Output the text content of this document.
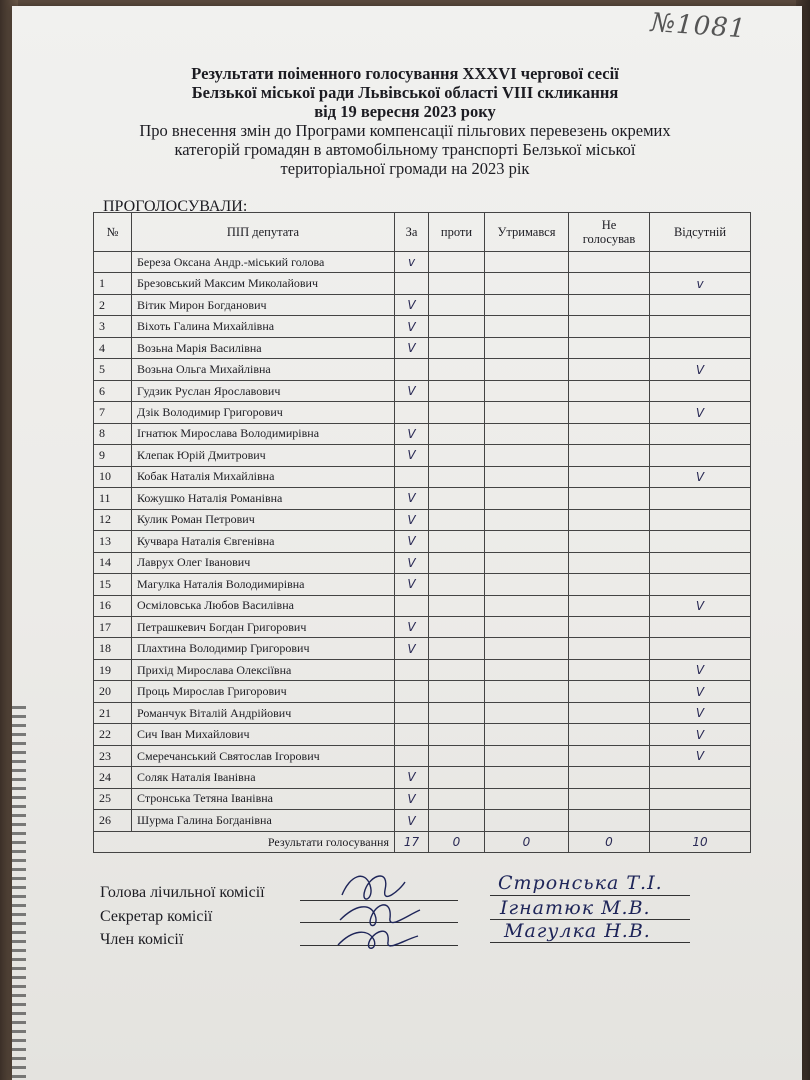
№1081
Результати поіменного голосування XXXVI чергової сесії
Белзької міської ради Львівської області VIII скликання
від 19 вересня 2023 року
Про внесення змін до Програми компенсації пільгових перевезень окремих
категорій громадян в автомобільному транспорті Белзької міської
територіальної громади на 2023 рік
ПРОГОЛОСУВАЛИ:
№	ПІП депутата	За	проти	Утримався	Не голосував	Відсутній
	Береза Оксана Андр.-міський голова	v				
1	Брезовський Максим Миколайович					v
2	Вітик Мирон Богданович	V				
3	Віхоть Галина Михайлівна	V				
4	Возьна Марія Василівна	V				
5	Возьна Ольга Михайлівна					V
6	Гудзик Руслан Ярославович	V				
7	Дзік Володимир Григорович					V
8	Ігнатюк Мирослава Володимирівна	V				
9	Клепак Юрій Дмитрович	V				
10	Кобак Наталія Михайлівна					V
11	Кожушко Наталія Романівна	V				
12	Кулик Роман Петрович	V				
13	Кучвара Наталія Євгенівна	V				
14	Лаврух Олег Іванович	V				
15	Магулка Наталія Володимирівна	V				
16	Осміловська Любов Василівна					V
17	Петрашкевич Богдан Григорович	V				
18	Плахтина Володимир Григорович	V				
19	Прихід Мирослава Олексіївна					V
20	Проць Мирослав Григорович					V
21	Романчук Віталій Андрійович					V
22	Сич Іван Михайлович					V
23	Смеречанський Святослав Ігорович					V
24	Соляк Наталія Іванівна	V				
25	Стронська Тетяна Іванівна	V				
26	Шурма Галина Богданівна	V				
Результати голосування		17	0	0	0	10
Голова лічильної комісії
Секретар комісії
Член комісії
Стронська Т.І.
Ігнатюк М.В.
Магулка Н.В.
